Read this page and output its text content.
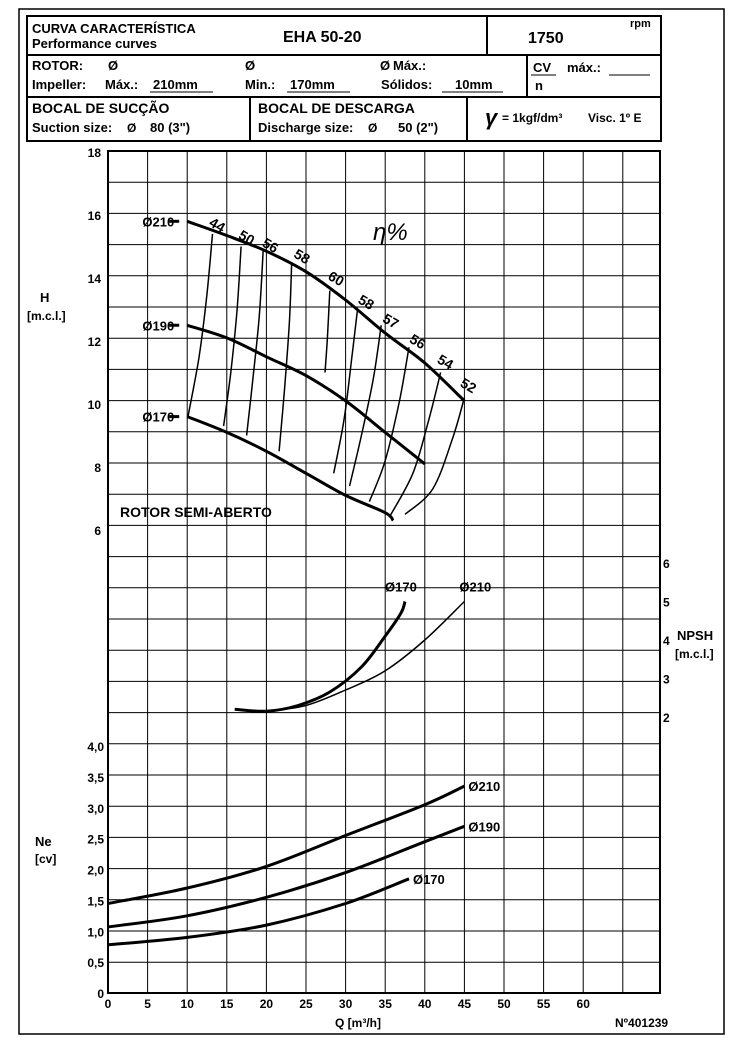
CURVA CARACTERÍSTICA
Performance curves	EHA 50-20	1750
rpm
ROTOR: Ø	Ø	Ø Máx.:
Impeller: Máx.: 210mm	Min.: 170mm	Sólidos: 10mm
CV máx.:
n
BOCAL DE SUCÇÃO
Suction size: Ø 80 (3")
BOCAL DE DESCARGA
Discharge size: Ø 50 (2") γ = 1kgf/dm³ Visc. 1º E
6
8
10
12
14
16
18
2
3
4
5
6
0
0,5
1,0
1,5
2,0
2,5
3,0
3,5
4,0
0	5 10 15 20 25 30 35 40 45 50 55 60
Ø210
Ø190
Ø170
44
50 56
58
60
58
57
56
54
52
Ø170	Ø210
Ø210
Ø190
Ø170
H
[m.c.l.]
NPSH
[m.c.l.]
Ne
[cv]
Q [m³/h]	Nº401239
ROTOR SEMI-ABERTO
η%
